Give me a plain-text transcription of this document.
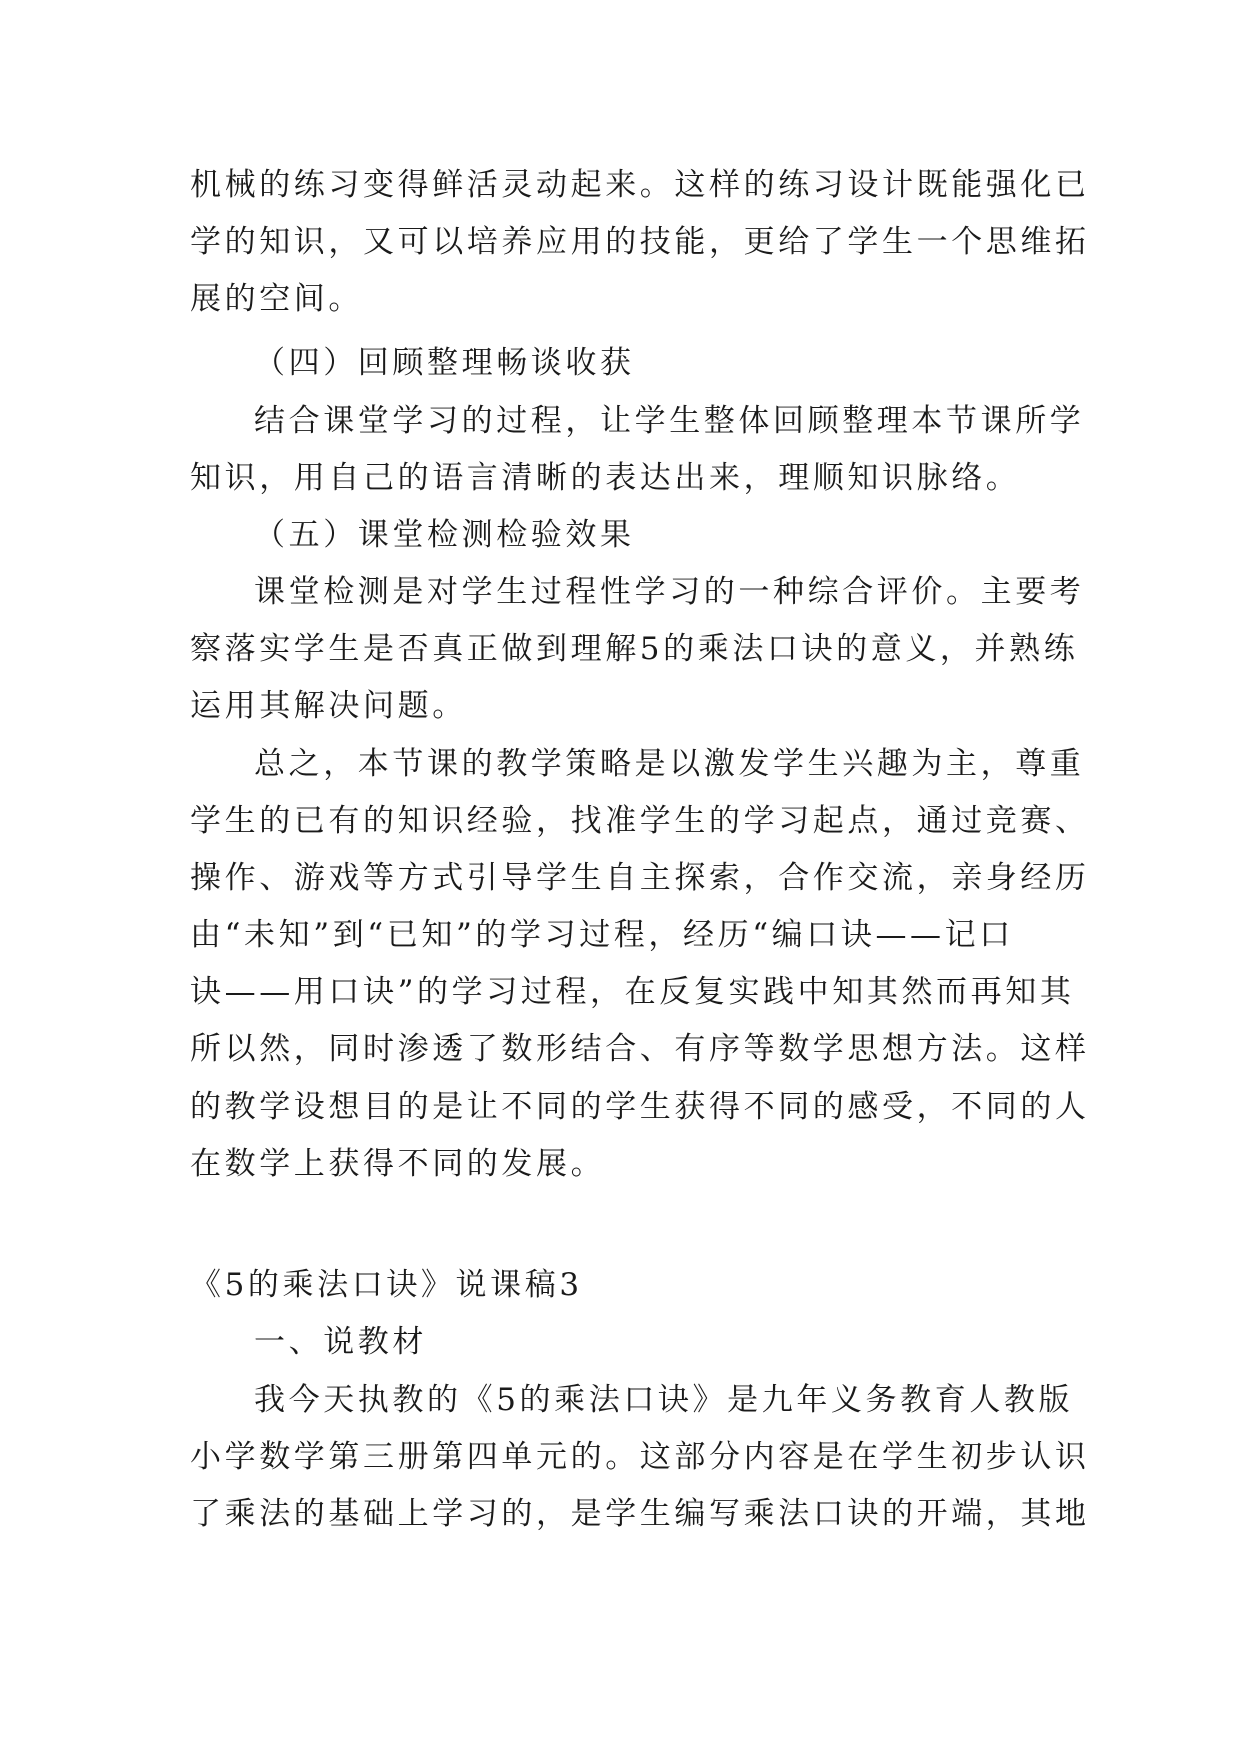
机械的练习变得鲜活灵动起来。这样的练习设计既能强化已
学的知识，又可以培养应用的技能，更给了学生一个思维拓
展的空间。
（四）回顾整理畅谈收获
结合课堂学习的过程，让学生整体回顾整理本节课所学
知识，用自己的语言清晰的表达出来，理顺知识脉络。
（五）课堂检测检验效果
课堂检测是对学生过程性学习的一种综合评价。主要考
察落实学生是否真正做到理解5的乘法口诀的意义，并熟练
运用其解决问题。
总之，本节课的教学策略是以激发学生兴趣为主，尊重
学生的已有的知识经验，找准学生的学习起点，通过竞赛、
操作、游戏等方式引导学生自主探索，合作交流，亲身经历
由“未知”到“已知”的学习过程，经历“编口诀——记口
诀——用口诀”的学习过程，在反复实践中知其然而再知其
所以然，同时渗透了数形结合、有序等数学思想方法。这样
的教学设想目的是让不同的学生获得不同的感受，不同的人
在数学上获得不同的发展。
《5的乘法口诀》说课稿3
一、说教材
我今天执教的《5的乘法口诀》是九年义务教育人教版
小学数学第三册第四单元的。这部分内容是在学生初步认识
了乘法的基础上学习的，是学生编写乘法口诀的开端，其地
